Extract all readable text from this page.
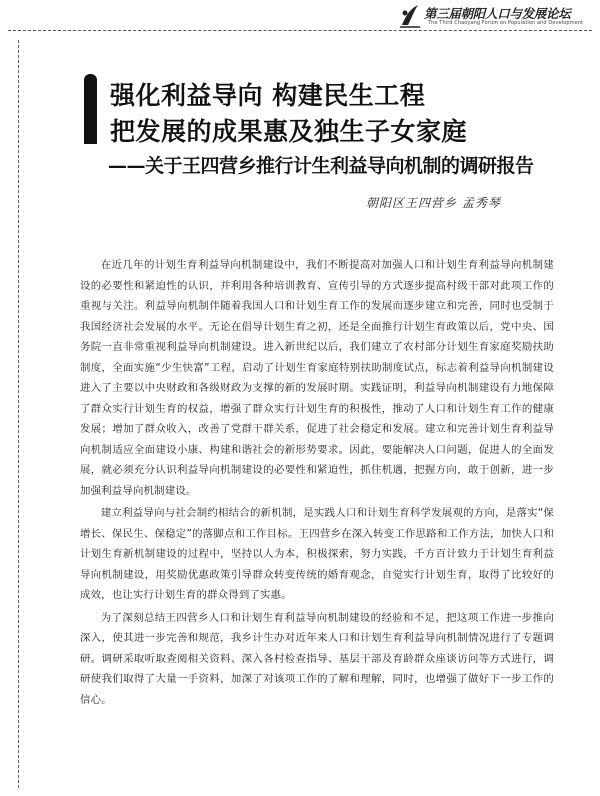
第三届朝阳人口与发展论坛
The Third Chaoyang Forum on Population and Development
强化利益导向 构建民生工程
把发展的成果惠及独生子女家庭
——关于王四营乡推行计生利益导向机制的调研报告
朝阳区王四营乡 孟秀琴

在近几年的计划生育利益导向机制建设中，我们不断提高对加强人口和计划生育利益导向机制建设的必要性和紧迫性的认识，并利用各种培训教育、宣传引导的方式逐步提高村级干部对此项工作的重视与关注。利益导向机制伴随着我国人口和计划生育工作的发展而逐步建立和完善，同时也受制于我国经济社会发展的水平。无论在倡导计划生育之初，还是全面推行计划生育政策以后，党中央、国务院一直非常重视利益导向机制建设。进入新世纪以后，我们建立了农村部分计划生育家庭奖励扶助制度，全面实施“少生快富”工程，启动了计划生育家庭特别扶助制度试点，标志着利益导向机制建设进入了主要以中央财政和各级财政为支撑的新的发展时期。实践证明，利益导向机制建设有力地保障了群众实行计划生育的权益，增强了群众实行计划生育的积极性，推动了人口和计划生育工作的健康发展；增加了群众收入，改善了党群干群关系，促进了社会稳定和发展。建立和完善计划生育利益导向机制适应全面建设小康、构建和谐社会的新形势要求。因此，要能解决人口问题，促进人的全面发展，就必须充分认识利益导向机制建设的必要性和紧迫性，抓住机遇，把握方向，敢于创新，进一步加强利益导向机制建设。

建立利益导向与社会制约相结合的新机制，是实践人口和计划生育科学发展观的方向，是落实“保增长、保民生、保稳定”的落脚点和工作目标。王四营乡在深入转变工作思路和工作方法，加快人口和计划生育新机制建设的过程中，坚持以人为本，积极探索，努力实践，千方百计致力于计划生育利益导向机制建设，用奖励优惠政策引导群众转变传统的婚育观念，自觉实行计划生育，取得了比较好的成效，也让实行计划生育的群众得到了实惠。

为了深刻总结王四营乡人口和计划生育利益导向机制建设的经验和不足，把这项工作进一步推向深入，使其进一步完善和规范，我乡计生办对近年来人口和计划生育利益导向机制情况进行了专题调研。调研采取听取查阅相关资料、深入各村检查指导、基层干部及育龄群众座谈访问等方式进行，调研使我们取得了大量一手资料，加深了对该项工作的了解和理解，同时，也增强了做好下一步工作的信心。
